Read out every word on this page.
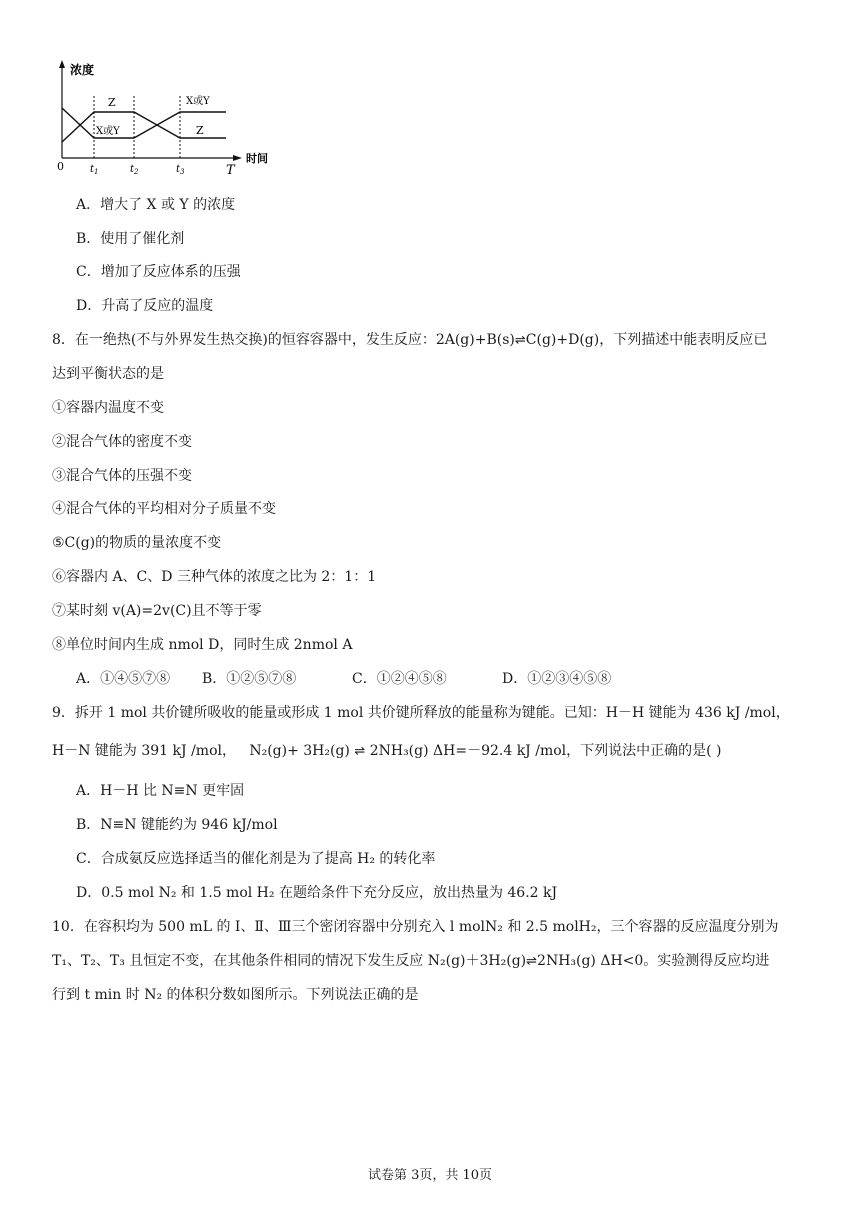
浓度
时间
0	T
$t_1$	$t_2$	$t_3$
Z
X或Y
X或Y
Z
A．增大了 X 或 Y 的浓度
B．使用了催化剂
C．增加了反应体系的压强
D．升高了反应的温度
8．在一绝热(不与外界发生热交换)的恒容容器中，发生反应：2A(g)+B(s)⇌C(g)+D(g)，下列描述中能表明反应已
达到平衡状态的是
①容器内温度不变
②混合气体的密度不变
③混合气体的压强不变
④混合气体的平均相对分子质量不变
⑤C(g)的物质的量浓度不变
⑥容器内 A、C、D 三种气体的浓度之比为 2：1：1
⑦某时刻 v(A)=2v(C)且不等于零
⑧单位时间内生成 nmol D，同时生成 2nmol A
A．①④⑤⑦⑧ B．①②⑤⑦⑧	C．①②④⑤⑧	D．①②③④⑤⑧
9．拆开 1 mol 共价键所吸收的能量或形成 1 mol 共价键所释放的能量称为键能。已知：H－H 键能为 436 kJ /mol，
H－N 键能为 391 kJ /mol， N₂(g)+ 3H₂(g) ⇌ 2NH₃(g) ΔH=－92.4 kJ /mol，下列说法中正确的是( )
A．H－H 比 N≡N 更牢固
B．N≡N 键能约为 946 kJ/mol
C．合成氨反应选择适当的催化剂是为了提高 H₂ 的转化率
D．0.5 mol N₂ 和 1.5 mol H₂ 在题给条件下充分反应，放出热量为 46.2 kJ
10．在容积均为 500 mL 的 I、Ⅱ、Ⅲ三个密闭容器中分别充入 l molN₂ 和 2.5 molH₂，三个容器的反应温度分别为
T₁、T₂、T₃ 且恒定不变，在其他条件相同的情况下发生反应 N₂(g)＋3H₂(g)⇌2NH₃(g) ΔH<0。实验测得反应均进
行到 t min 时 N₂ 的体积分数如图所示。下列说法正确的是
试卷第 3页，共 10页
